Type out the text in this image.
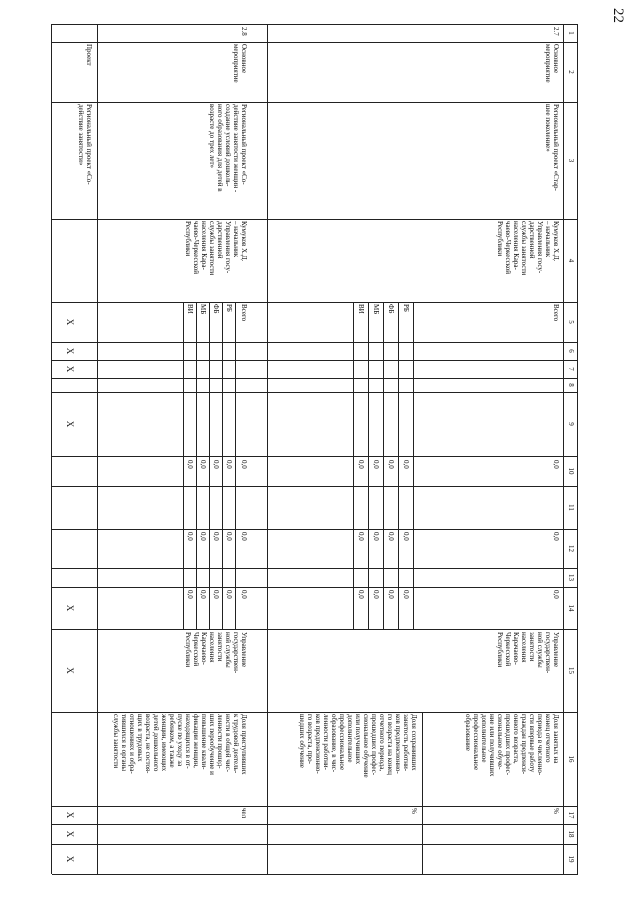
22
1
2
3
4
5
6
7
8
9
10
11
12
13
14
15
16
17
18
19
2.7
Основное
мероприятие
Региональный проект «Стар-
шее поколение»
Кумуков Х.Д.
– начальник
Управления госу-
дарственной
службы занятости
населения Кара-
чаево-Черкесской
Республики
Всего
РБ
ФБ
МБ
ВИ
0,0
0,0
0,0
0,0
0,0
0,0
0,0
0,0
0,0
0,0
0,0
0,0
0,0
0,0
0,0
Управление
государствен-
ной службы
занятости
населения
Карачаево-
Черкесской
Республики
Доля занятых на
конец отчетного
периода в численно-
сти впервые работу
граждан предпенси-
онного возраста,
прошедших профес-
сиональное обуче-
ние или получивших
дополнительное
профессиональное
образование
%
Доля сохранивших
занятость работни-
ков предпенсионно-
го возраста на конец
отчетного периода,
прошедших профес-
сиональное обучение
или получивших
дополнительное
профессиональное
образование, в чис-
ленности работни-
ков предпенсионно-
го возраста, про-
шедших обучение
%
2.8
Основное
мероприятие
Региональный проект «Со-
действие занятости женщин -
создание условий дошколь-
ного образования для детей в
возрасте до трех лет»
Кумуков Х.Д.
– начальник
Управления госу-
дарственной
службы занятости
населения Кара-
чаево-Черкесской
Республики
Всего
РБ
ФБ
МБ
ВИ
0,0
0,0
0,0
0,0
0,0
0,0
0,0
0,0
0,0
0,0
0,0
0,0
0,0
0,0
0,0
Управление
государствен-
ной службы
занятости
населения
Карачаево-
Черкесской
Республики
Доля приступивших
к трудовой деятель-
ности в общей чис-
ленности прошед-
ших переобучение и
повышение квали-
фикации женщин,
находящихся в от-
пуске по уходу за
ребенком, а также
женщин, имеющих
детей дошкольного
возраста, не состоя-
щих в трудовых
отношениях и обра-
тившихся в органы
службы занятости
чел
Проект
Региональный проект «Со-
действие занятости»
X
X
X
X
X
X
X
X
X
